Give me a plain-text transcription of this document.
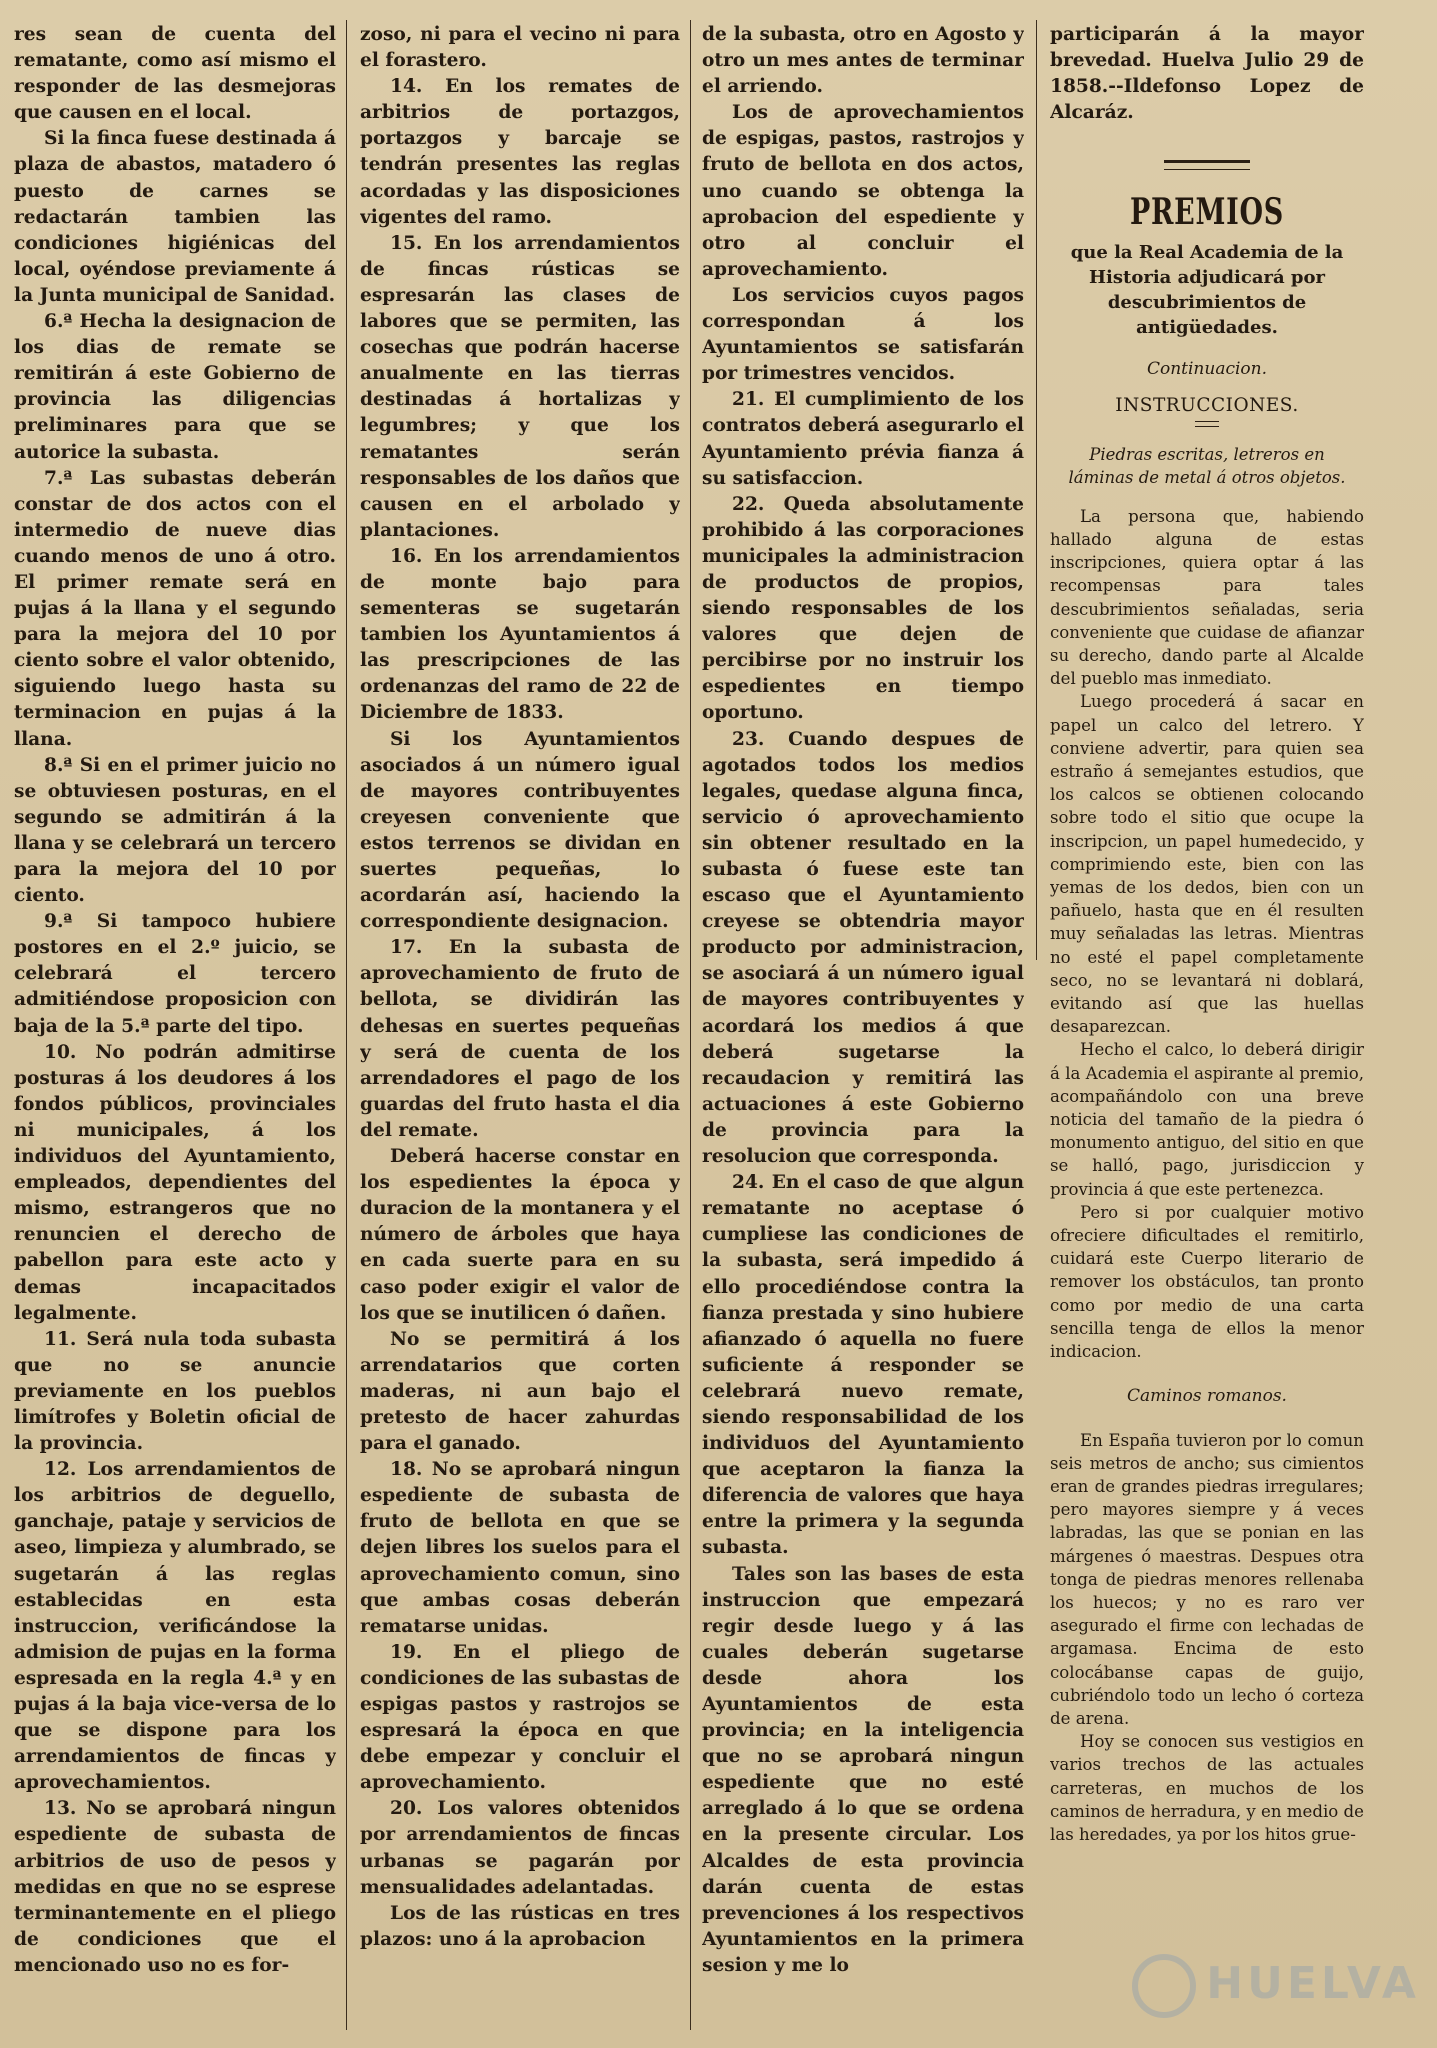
res sean de cuenta del rematante, como así mismo el responder de las desmejoras que causen en el local.

Si la finca fuese destinada á plaza de abastos, matadero ó puesto de carnes se redactarán tambien las condiciones higiénicas del local, oyéndose previamente á la Junta municipal de Sanidad.

6.ª Hecha la designacion de los dias de remate se remitirán á este Gobierno de provincia las diligencias preliminares para que se autorice la subasta.

7.ª Las subastas deberán constar de dos actos con el intermedio de nueve dias cuando menos de uno á otro. El primer remate será en pujas á la llana y el segundo para la mejora del 10 por ciento sobre el valor obtenido, siguiendo luego hasta su terminacion en pujas á la llana.

8.ª Si en el primer juicio no se obtuviesen posturas, en el segundo se admitirán á la llana y se celebrará un tercero para la mejora del 10 por ciento.

9.ª Si tampoco hubiere postores en el 2.º juicio, se celebrará el tercero admitiéndose proposicion con baja de la 5.ª parte del tipo.

10. No podrán admitirse posturas á los deudores á los fondos públicos, provinciales ni municipales, á los individuos del Ayuntamiento, empleados, dependientes del mismo, estrangeros que no renuncien el derecho de pabellon para este acto y demas incapacitados legalmente.

11. Será nula toda subasta que no se anuncie previamente en los pueblos limítrofes y Boletin oficial de la provincia.

12. Los arrendamientos de los arbitrios de deguello, ganchaje, pataje y servicios de aseo, limpieza y alumbrado, se sugetarán á las reglas establecidas en esta instruccion, verificándose la admision de pujas en la forma espresada en la regla 4.ª y en pujas á la baja vice-versa de lo que se dispone para los arrendamientos de fincas y aprovechamientos.

13. No se aprobará ningun espediente de subasta de arbitrios de uso de pesos y medidas en que no se esprese terminantemente en el pliego de condiciones que el mencionado uso no es for-

zoso, ni para el vecino ni para el forastero.

14. En los remates de arbitrios de portazgos, portazgos y barcaje se tendrán presentes las reglas acordadas y las disposiciones vigentes del ramo.

15. En los arrendamientos de fincas rústicas se espresarán las clases de labores que se permiten, las cosechas que podrán hacerse anualmente en las tierras destinadas á hortalizas y legumbres; y que los rematantes serán responsables de los daños que causen en el arbolado y plantaciones.

16. En los arrendamientos de monte bajo para sementeras se sugetarán tambien los Ayuntamientos á las prescripciones de las ordenanzas del ramo de 22 de Diciembre de 1833.

Si los Ayuntamientos asociados á un número igual de mayores contribuyentes creyesen conveniente que estos terrenos se dividan en suertes pequeñas, lo acordarán así, haciendo la correspondiente designacion.

17. En la subasta de aprovechamiento de fruto de bellota, se dividirán las dehesas en suertes pequeñas y será de cuenta de los arrendadores el pago de los guardas del fruto hasta el dia del remate.

Deberá hacerse constar en los espedientes la época y duracion de la montanera y el número de árboles que haya en cada suerte para en su caso poder exigir el valor de los que se inutilicen ó dañen.

No se permitirá á los arrendatarios que corten maderas, ni aun bajo el pretesto de hacer zahurdas para el ganado.

18. No se aprobará ningun espediente de subasta de fruto de bellota en que se dejen libres los suelos para el aprovechamiento comun, sino que ambas cosas deberán rematarse unidas.

19. En el pliego de condiciones de las subastas de espigas pastos y rastrojos se espresará la época en que debe empezar y concluir el aprovechamiento.

20. Los valores obtenidos por arrendamientos de fincas urbanas se pagarán por mensualidades adelantadas.

Los de las rústicas en tres plazos: uno á la aprobacion

de la subasta, otro en Agosto y otro un mes antes de terminar el arriendo.

Los de aprovechamientos de espigas, pastos, rastrojos y fruto de bellota en dos actos, uno cuando se obtenga la aprobacion del espediente y otro al concluir el aprovechamiento.

Los servicios cuyos pagos correspondan á los Ayuntamientos se satisfarán por trimestres vencidos.

21. El cumplimiento de los contratos deberá asegurarlo el Ayuntamiento prévia fianza á su satisfaccion.

22. Queda absolutamente prohibido á las corporaciones municipales la administracion de productos de propios, siendo responsables de los valores que dejen de percibirse por no instruir los espedientes en tiempo oportuno.

23. Cuando despues de agotados todos los medios legales, quedase alguna finca, servicio ó aprovechamiento sin obtener resultado en la subasta ó fuese este tan escaso que el Ayuntamiento creyese se obtendria mayor producto por administracion, se asociará á un número igual de mayores contribuyentes y acordará los medios á que deberá sugetarse la recaudacion y remitirá las actuaciones á este Gobierno de provincia para la resolucion que corresponda.

24. En el caso de que algun rematante no aceptase ó cumpliese las condiciones de la subasta, será impedido á ello procediéndose contra la fianza prestada y sino hubiere afianzado ó aquella no fuere suficiente á responder se celebrará nuevo remate, siendo responsabilidad de los individuos del Ayuntamiento que aceptaron la fianza la diferencia de valores que haya entre la primera y la segunda subasta.

Tales son las bases de esta instruccion que empezará regir desde luego y á las cuales deberán sugetarse desde ahora los Ayuntamientos de esta provincia; en la inteligencia que no se aprobará ningun espediente que no esté arreglado á lo que se ordena en la presente circular. Los Alcaldes de esta provincia darán cuenta de estas prevenciones á los respectivos Ayuntamientos en la primera sesion y me lo

participarán á la mayor brevedad. Huelva Julio 29 de 1858.--Ildefonso Lopez de Alcaráz.

PREMIOS
que la Real Academia de la Historia adjudicará por descubrimientos de antigüedades.
Continuacion.
INSTRUCCIONES.
Piedras escritas, letreros en láminas de metal á otros objetos.

La persona que, habiendo hallado alguna de estas inscripciones, quiera optar á las recompensas para tales descubrimientos señaladas, seria conveniente que cuidase de afianzar su derecho, dando parte al Alcalde del pueblo mas inmediato.

Luego procederá á sacar en papel un calco del letrero. Y conviene advertir, para quien sea estraño á semejantes estudios, que los calcos se obtienen colocando sobre todo el sitio que ocupe la inscripcion, un papel humedecido, y comprimiendo este, bien con las yemas de los dedos, bien con un pañuelo, hasta que en él resulten muy señaladas las letras. Mientras no esté el papel completamente seco, no se levantará ni doblará, evitando así que las huellas desaparezcan.

Hecho el calco, lo deberá dirigir á la Academia el aspirante al premio, acompañándolo con una breve noticia del tamaño de la piedra ó monumento antiguo, del sitio en que se halló, pago, jurisdiccion y provincia á que este pertenezca.

Pero si por cualquier motivo ofreciere dificultades el remitirlo, cuidará este Cuerpo literario de remover los obstáculos, tan pronto como por medio de una carta sencilla tenga de ellos la menor indicacion.

Caminos romanos.

En España tuvieron por lo comun seis metros de ancho; sus cimientos eran de grandes piedras irregulares; pero mayores siempre y á veces labradas, las que se ponian en las márgenes ó maestras. Despues otra tonga de piedras menores rellenaba los huecos; y no es raro ver asegurado el firme con lechadas de argamasa. Encima de esto colocábanse capas de guijo, cubriéndolo todo un lecho ó corteza de arena.

Hoy se conocen sus vestigios en varios trechos de las actuales carreteras, en muchos de los caminos de herradura, y en medio de las heredades, ya por los hitos grue-

HUELVA
